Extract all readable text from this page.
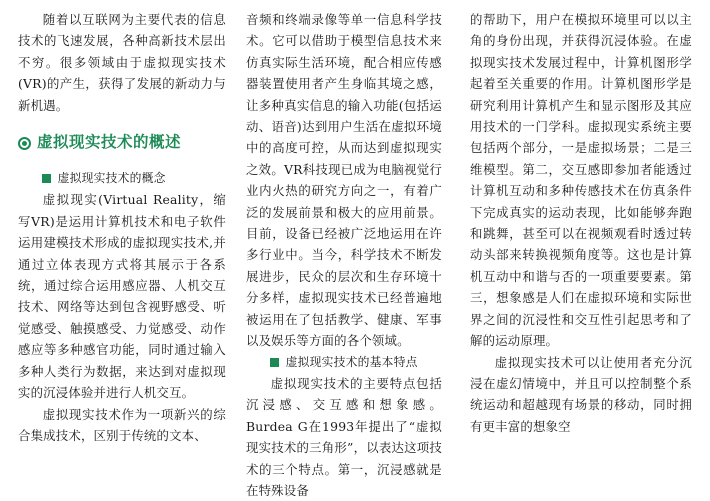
随着以互联网为主要代表的信息技术的飞速发展，各种高新技术层出不穷。很多领域由于虚拟现实技术(VR)的产生，获得了发展的新动力与新机遇。

虚拟现实技术的概述
虚拟现实技术的概念

虚拟现实(Virtual Reality，缩写VR)是运用计算机技术和电子软件运用建模技术形成的虚拟现实技术,并通过立体表现方式将其展示于各系统，通过综合运用感应器、人机交互技术、网络等达到包含视野感受、听觉感受、触摸感受、力觉感受、动作感应等多种感官功能，同时通过输入多种人类行为数据，来达到对虚拟现实的沉浸体验并进行人机交互。

虚拟现实技术作为一项新兴的综合集成技术，区别于传统的文本、

音频和终端录像等单一信息科学技术。它可以借助于模型信息技术来仿真实际生活环境，配合相应传感器装置使用者产生身临其境之感，让多种真实信息的输入功能(包括运动、语音)达到用户生活在虚拟环境中的高度可控，从而达到虚拟现实之效。VR科技现已成为电脑视觉行业内火热的研究方向之一，有着广泛的发展前景和极大的应用前景。目前，设备已经被广泛地运用在许多行业中。当今，科学技术不断发展进步，民众的层次和生存环境十分多样，虚拟现实技术已经普遍地被运用在了包括教学、健康、军事以及娱乐等方面的各个领域。

虚拟现实技术的基本特点

虚拟现实技术的主要特点包括沉浸感、交互感和想象感。Burdea G在1993年提出了“虚拟现实技术的三角形”，以表达这项技术的三个特点。第一，沉浸感就是在特殊设备

的帮助下，用户在模拟环境里可以以主角的身份出现，并获得沉浸体验。在虚拟现实技术发展过程中，计算机图形学起着至关重要的作用。计算机图形学是研究利用计算机产生和显示图形及其应用技术的一门学科。虚拟现实系统主要包括两个部分，一是虚拟场景；二是三维模型。第二，交互感即参加者能透过计算机互动和多种传感技术在仿真条件下完成真实的运动表现，比如能够奔跑和跳舞，甚至可以在视频观看时透过转动头部来转换视频角度等。这也是计算机互动中和谐与否的一项重要要素。第三，想象感是人们在虚拟环境和实际世界之间的沉浸性和交互性引起思考和了解的运动原理。

虚拟现实技术可以让使用者充分沉浸在虚幻情境中，并且可以控制整个系统运动和超越现有场景的移动，同时拥有更丰富的想象空
